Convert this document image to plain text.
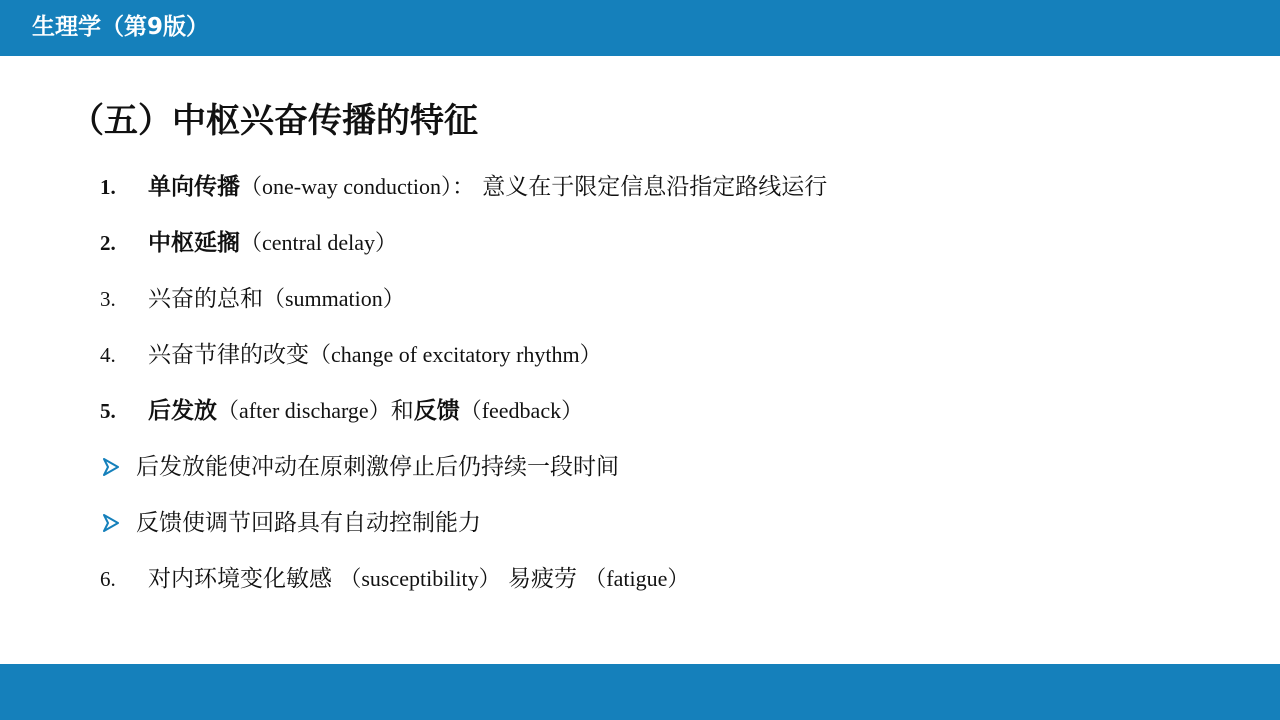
生理学（第9版）
（五）中枢兴奋传播的特征
1. 单向传播（one-way conduction）： 意义在于限定信息沿指定路线运行
2. 中枢延搁（central delay）
3. 兴奋的总和（summation）
4. 兴奋节律的改变（change of excitatory rhythm）
5. 后发放（after discharge）和反馈（feedback）
后发放能使冲动在原刺激停止后仍持续一段时间
反馈使调节回路具有自动控制能力
6. 对内环境变化敏感 （susceptibility） 易疲劳 （fatigue）
